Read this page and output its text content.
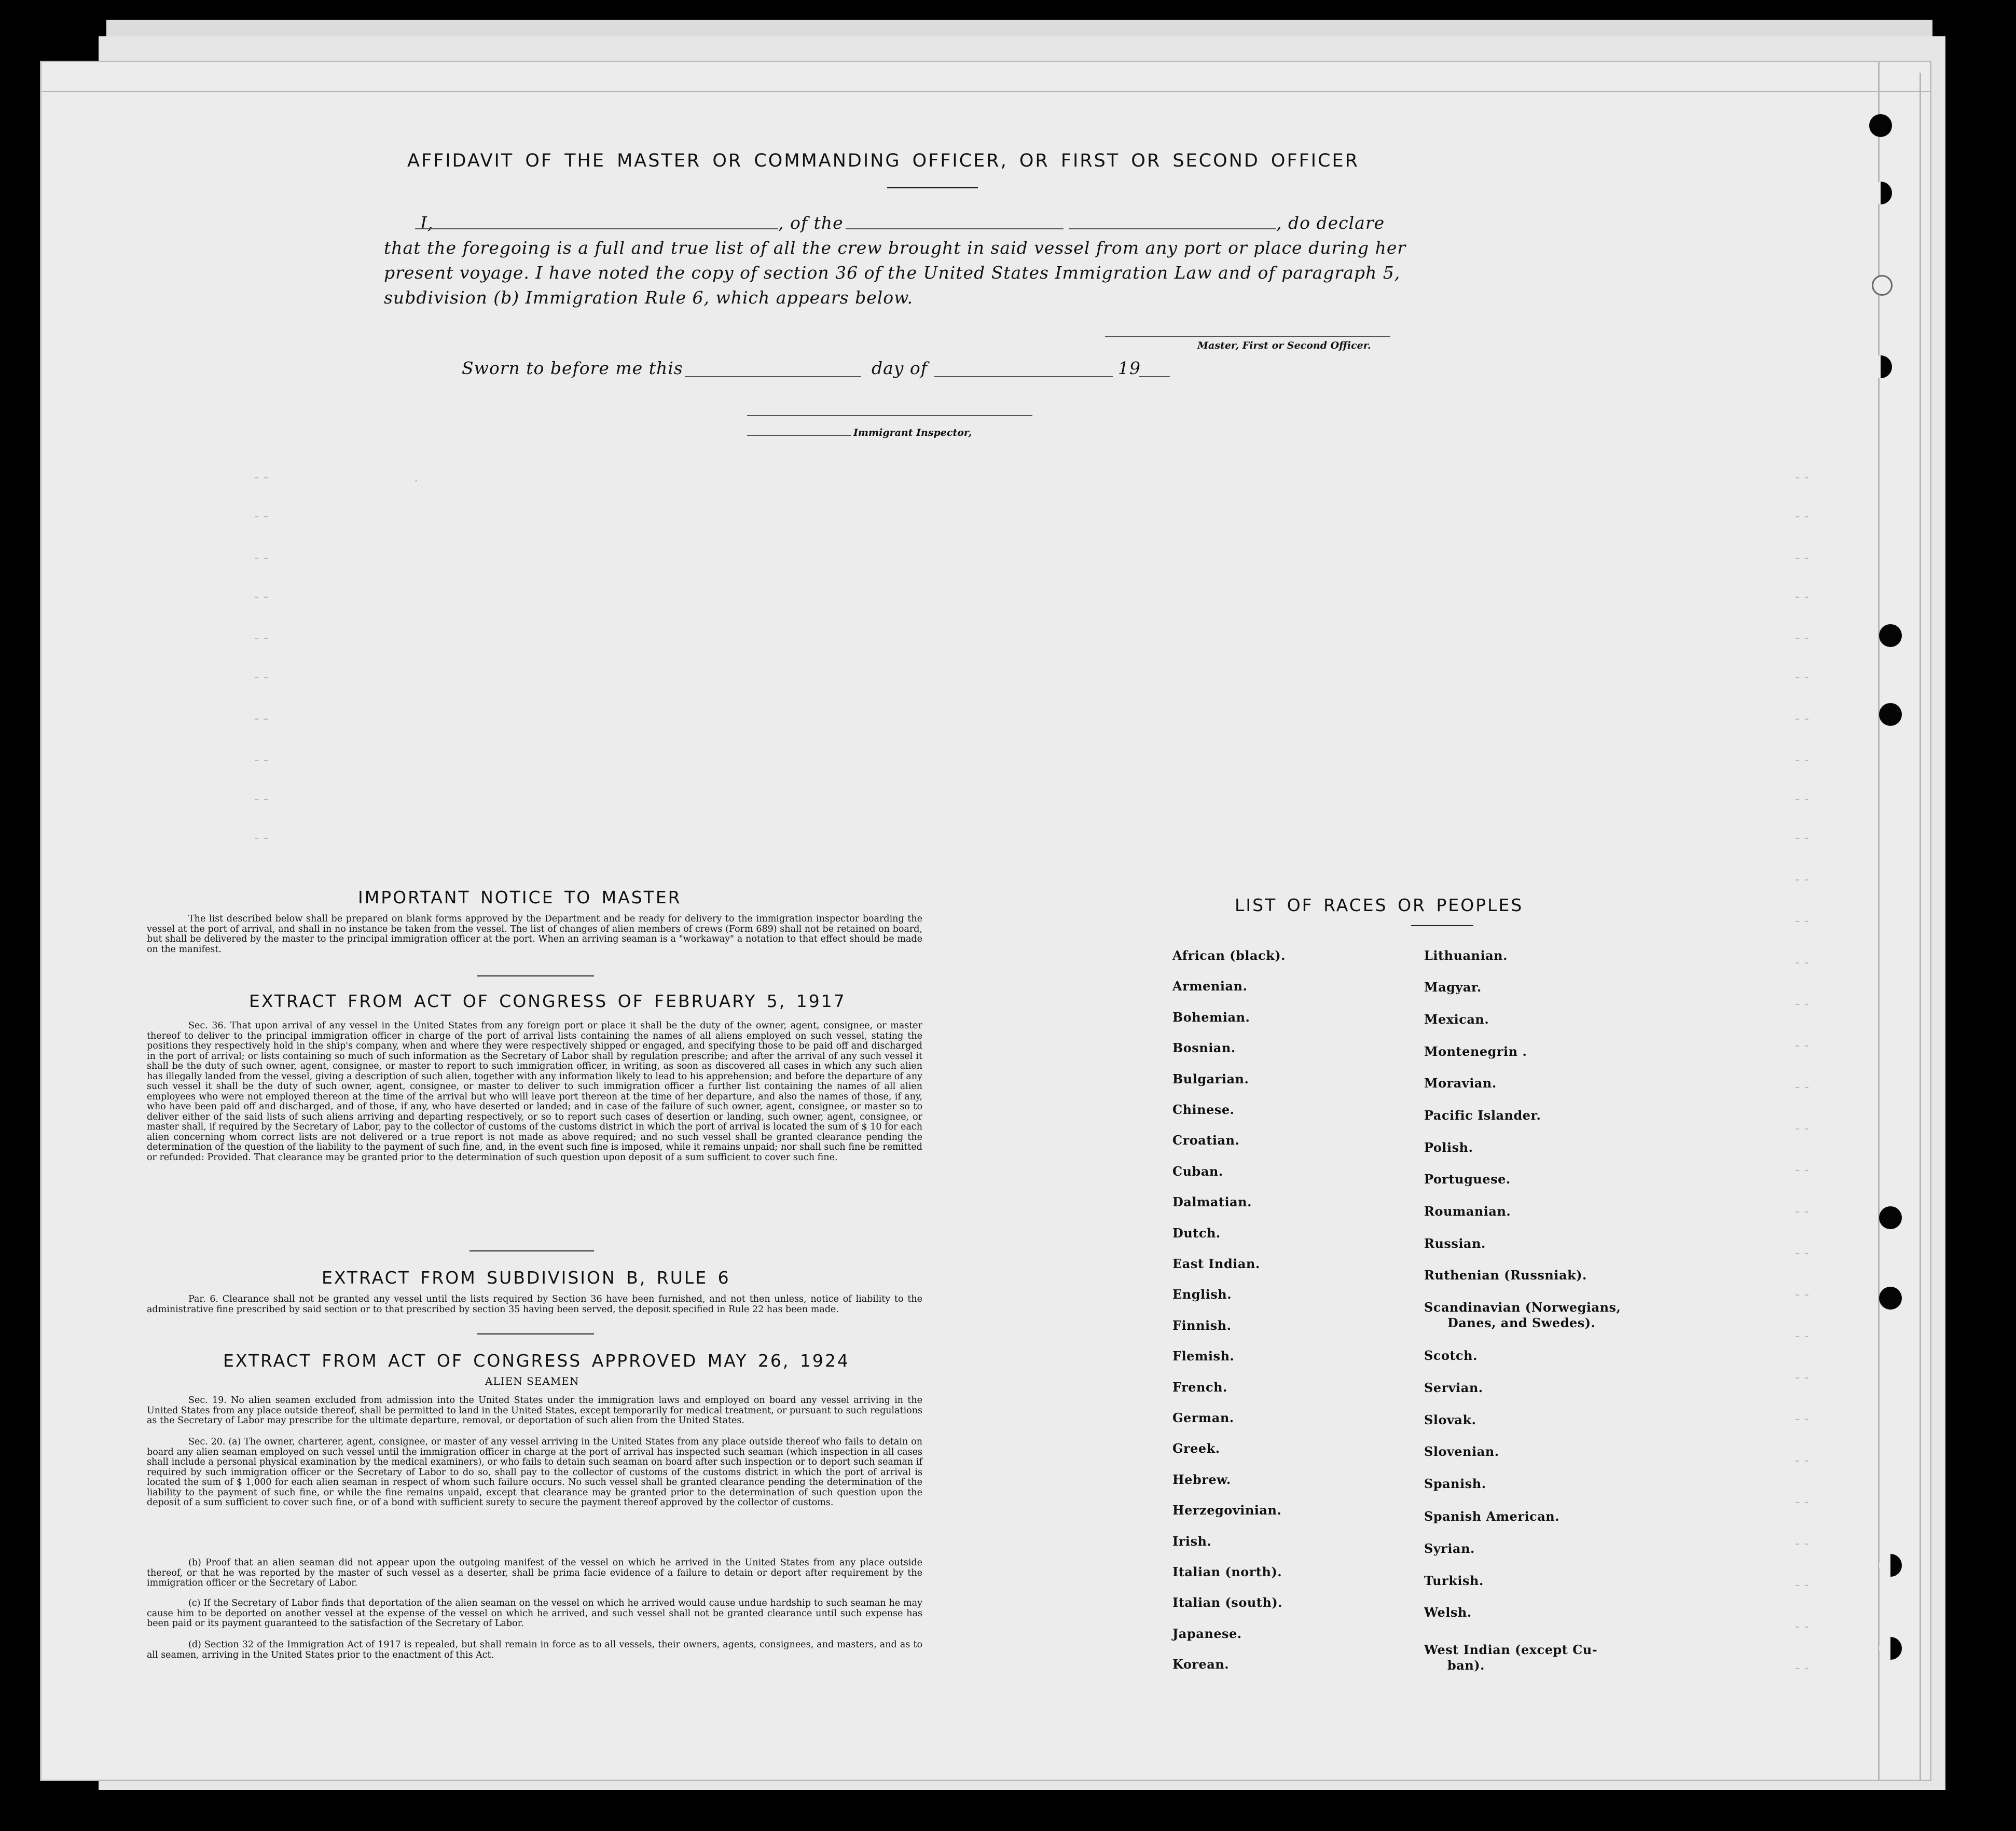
- -                                  .
- -
- -
- -
- -
- -
- -
- -
- -
- -
- -
- -
- -
- -
- -
- -
- -
- -
- -
- -
- -
- -
- -
- -
- -
- -
- -
- -
- -
- -
- -
- -
- -
- -
- -
- -
- -
- -
- -
- -
AFFIDAVIT OF THE MASTER OR COMMANDING OFFICER, OR FIRST OR SECOND OFFICER
I,	, of the	, do declare
that the foregoing is a full and true list of all the crew brought in said vessel from any port or place during her
present voyage. I have noted the copy of section 36 of the United States Immigration Law and of paragraph 5,
subdivision (b) Immigration Rule 6, which appears below.
Master, First or Second Officer.
Sworn to before me this	day of	19
Immigrant Inspector,
IMPORTANT NOTICE TO MASTER
The list described below shall be prepared on blank forms approved by the Department and be ready for delivery to the immigration inspector boarding the vessel at the port of arrival, and shall in no instance be taken from the vessel. The list of changes of alien members of crews (Form 689) shall not be retained on board, but shall be delivered by the master to the principal immigration officer at the port. When an arriving seaman is a "workaway" a notation to that effect should be made on the manifest.
EXTRACT FROM ACT OF CONGRESS OF FEBRUARY 5, 1917
Sec. 36. That upon arrival of any vessel in the United States from any foreign port or place it shall be the duty of the owner, agent, consignee, or master thereof to deliver to the principal immigration officer in charge of the port of arrival lists containing the names of all aliens employed on such vessel, stating the positions they respectively hold in the ship's company, when and where they were respectively shipped or engaged, and specifying those to be paid off and discharged in the port of arrival; or lists containing so much of such information as the Secretary of Labor shall by regulation prescribe; and after the arrival of any such vessel it shall be the duty of such owner, agent, consignee, or master to report to such immigration officer, in writing, as soon as discovered all cases in which any such alien has illegally landed from the vessel, giving a description of such alien, together with any information likely to lead to his apprehension; and before the departure of any such vessel it shall be the duty of such owner, agent, consignee, or master to deliver to such immigration officer a further list containing the names of all alien employees who were not employed thereon at the time of the arrival but who will leave port thereon at the time of her departure, and also the names of those, if any, who have been paid off and discharged, and of those, if any, who have deserted or landed; and in case of the failure of such owner, agent, consignee, or master so to deliver either of the said lists of such aliens arriving and departing respectively, or so to report such cases of desertion or landing, such owner, agent, consignee, or master shall, if required by the Secretary of Labor, pay to the collector of customs of the customs district in which the port of arrival is located the sum of $ 10 for each alien concerning whom correct lists are not delivered or a true report is not made as above required; and no such vessel shall be granted clearance pending the determination of the question of the liability to the payment of such fine, and, in the event such fine is imposed, while it remains unpaid; nor shall such fine be remitted or refunded: Provided. That clearance may be granted prior to the determination of such question upon deposit of a sum sufficient to cover such fine.
EXTRACT FROM SUBDIVISION B, RULE 6
Par. 6. Clearance shall not be granted any vessel until the lists required by Section 36 have been furnished, and not then unless, notice of liability to the administrative fine prescribed by said section or to that prescribed by section 35 having been served, the deposit specified in Rule 22 has been made.
EXTRACT FROM ACT OF CONGRESS APPROVED MAY 26, 1924
ALIEN SEAMEN
Sec. 19. No alien seamen excluded from admission into the United States under the immigration laws and employed on board any vessel arriving in the United States from any place outside thereof, shall be permitted to land in the United States, except temporarily for medical treatment, or pursuant to such regulations as the Secretary of Labor may prescribe for the ultimate departure, removal, or deportation of such alien from the United States.
Sec. 20. (a) The owner, charterer, agent, consignee, or master of any vessel arriving in the United States from any place outside thereof who fails to detain on board any alien seaman employed on such vessel until the immigration officer in charge at the port of arrival has inspected such seaman (which inspection in all cases shall include a personal physical examination by the medical examiners), or who fails to detain such seaman on board after such inspection or to deport such seaman if required by such immigration officer or the Secretary of Labor to do so, shall pay to the collector of customs of the customs district in which the port of arrival is located the sum of $ 1,000 for each alien seaman in respect of whom such failure occurs. No such vessel shall be granted clearance pending the determination of the liability to the payment of such fine, or while the fine remains unpaid, except that clearance may be granted prior to the determination of such question upon the deposit of a sum sufficient to cover such fine, or of a bond with sufficient surety to secure the payment thereof approved by the collector of customs.
(b) Proof that an alien seaman did not appear upon the outgoing manifest of the vessel on which he arrived in the United States from any place outside thereof, or that he was reported by the master of such vessel as a deserter, shall be prima facie evidence of a failure to detain or deport after requirement by the immigration officer or the Secretary of Labor.
(c) If the Secretary of Labor finds that deportation of the alien seaman on the vessel on which he arrived would cause undue hardship to such seaman he may cause him to be deported on another vessel at the expense of the vessel on which he arrived, and such vessel shall not be granted clearance until such expense has been paid or its payment guaranteed to the satisfaction of the Secretary of Labor.
(d) Section 32 of the Immigration Act of 1917 is repealed, but shall remain in force as to all vessels, their owners, agents, consignees, and masters, and as to all seamen, arriving in the United States prior to the enactment of this Act.
LIST OF RACES OR PEOPLES
African (black).
Armenian.
Bohemian.
Bosnian.
Bulgarian.
Chinese.
Croatian.
Cuban.
Dalmatian.
Dutch.
East Indian.
English.
Finnish.
Flemish.
French.
German.
Greek.
Hebrew.
Herzegovinian.
Irish.
Italian (north).
Italian (south).
Japanese.
Korean.
Lithuanian.
Magyar.
Mexican.
Montenegrin .
Moravian.
Pacific Islander.
Polish.
Portuguese.
Roumanian.
Russian.
Ruthenian (Russniak).
Scandinavian (Norwegians,
Danes, and Swedes).
Scotch.
Servian.
Slovak.
Slovenian.
Spanish.
Spanish American.
Syrian.
Turkish.
Welsh.
West Indian (except Cu-
ban).
